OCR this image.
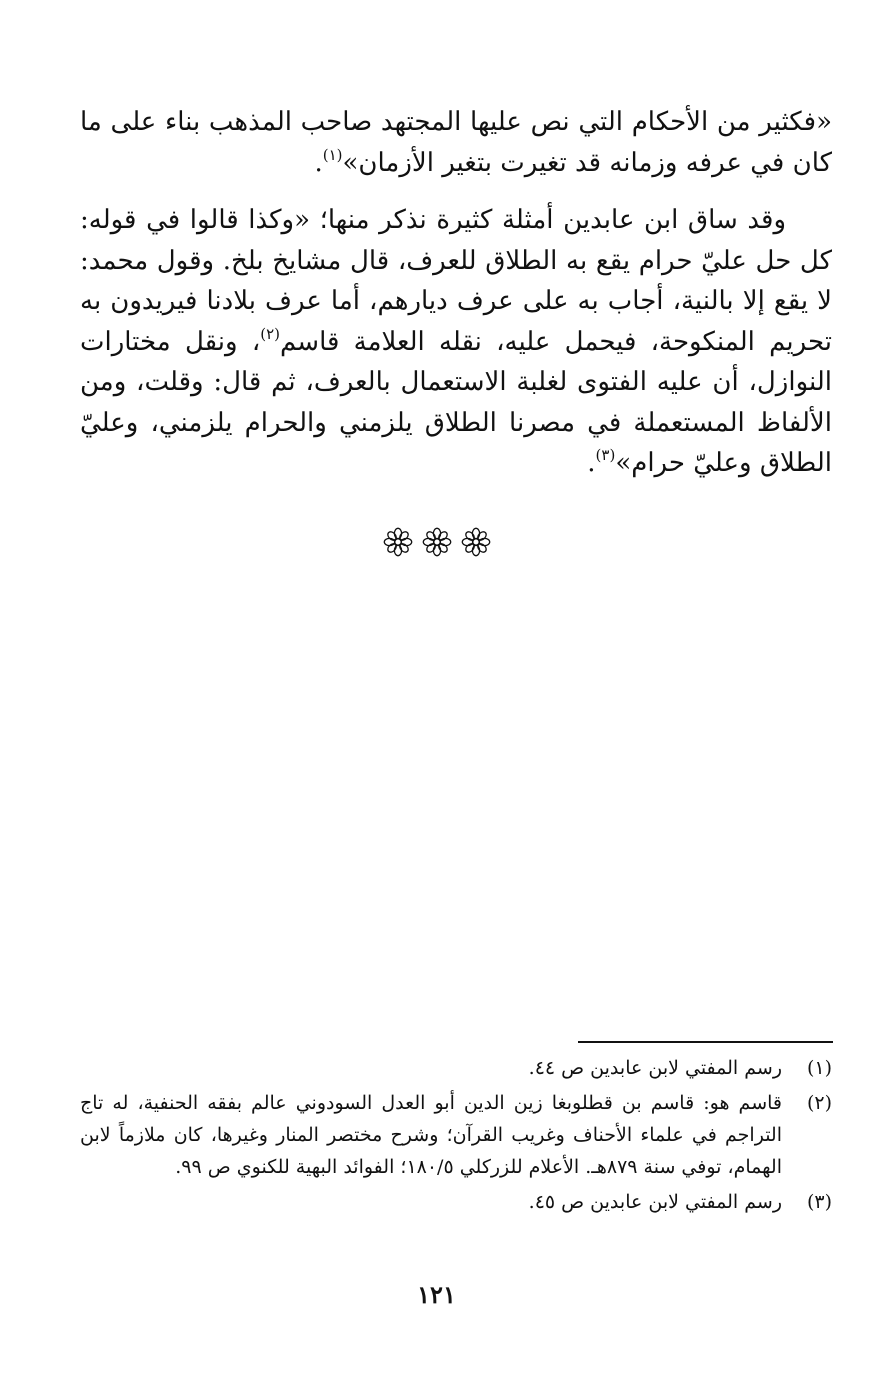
«فكثير من الأحكام التي نص عليها المجتهد صاحب المذهب بناء على ما كان في عرفه وزمانه قد تغيرت بتغير الأزمان»$^{(١)}$.

وقد ساق ابن عابدين أمثلة كثيرة نذكر منها؛ «وكذا قالوا في قوله: كل حل عليّ حرام يقع به الطلاق للعرف، قال مشايخ بلخ. وقول محمد: لا يقع إلا بالنية، أجاب به على عرف ديارهم، أما عرف بلادنا فيريدون به تحريم المنكوحة، فيحمل عليه، نقله العلامة قاسم$^{(٢)}$، ونقل مختارات النوازل، أن عليه الفتوى لغلبة الاستعمال بالعرف، ثم قال: وقلت، ومن الألفاظ المستعملة في مصرنا الطلاق يلزمني والحرام يلزمني، وعليّ الطلاق وعليّ حرام»$^{(٣)}$.

(١)
رسم المفتي لابن عابدين ص ٤٤.
(٢)
قاسم هو: قاسم بن قطلوبغا زين الدين أبو العدل السودوني عالم بفقه الحنفية، له تاج التراجم في علماء الأحناف وغريب القرآن؛ وشرح مختصر المنار وغيرها، كان ملازماً لابن الهمام، توفي سنة ٨٧٩هـ. الأعلام للزركلي ١٨٠/٥؛ الفوائد البهية للكنوي ص ٩٩.
(٣)
رسم المفتي لابن عابدين ص ٤٥.
١٢١
